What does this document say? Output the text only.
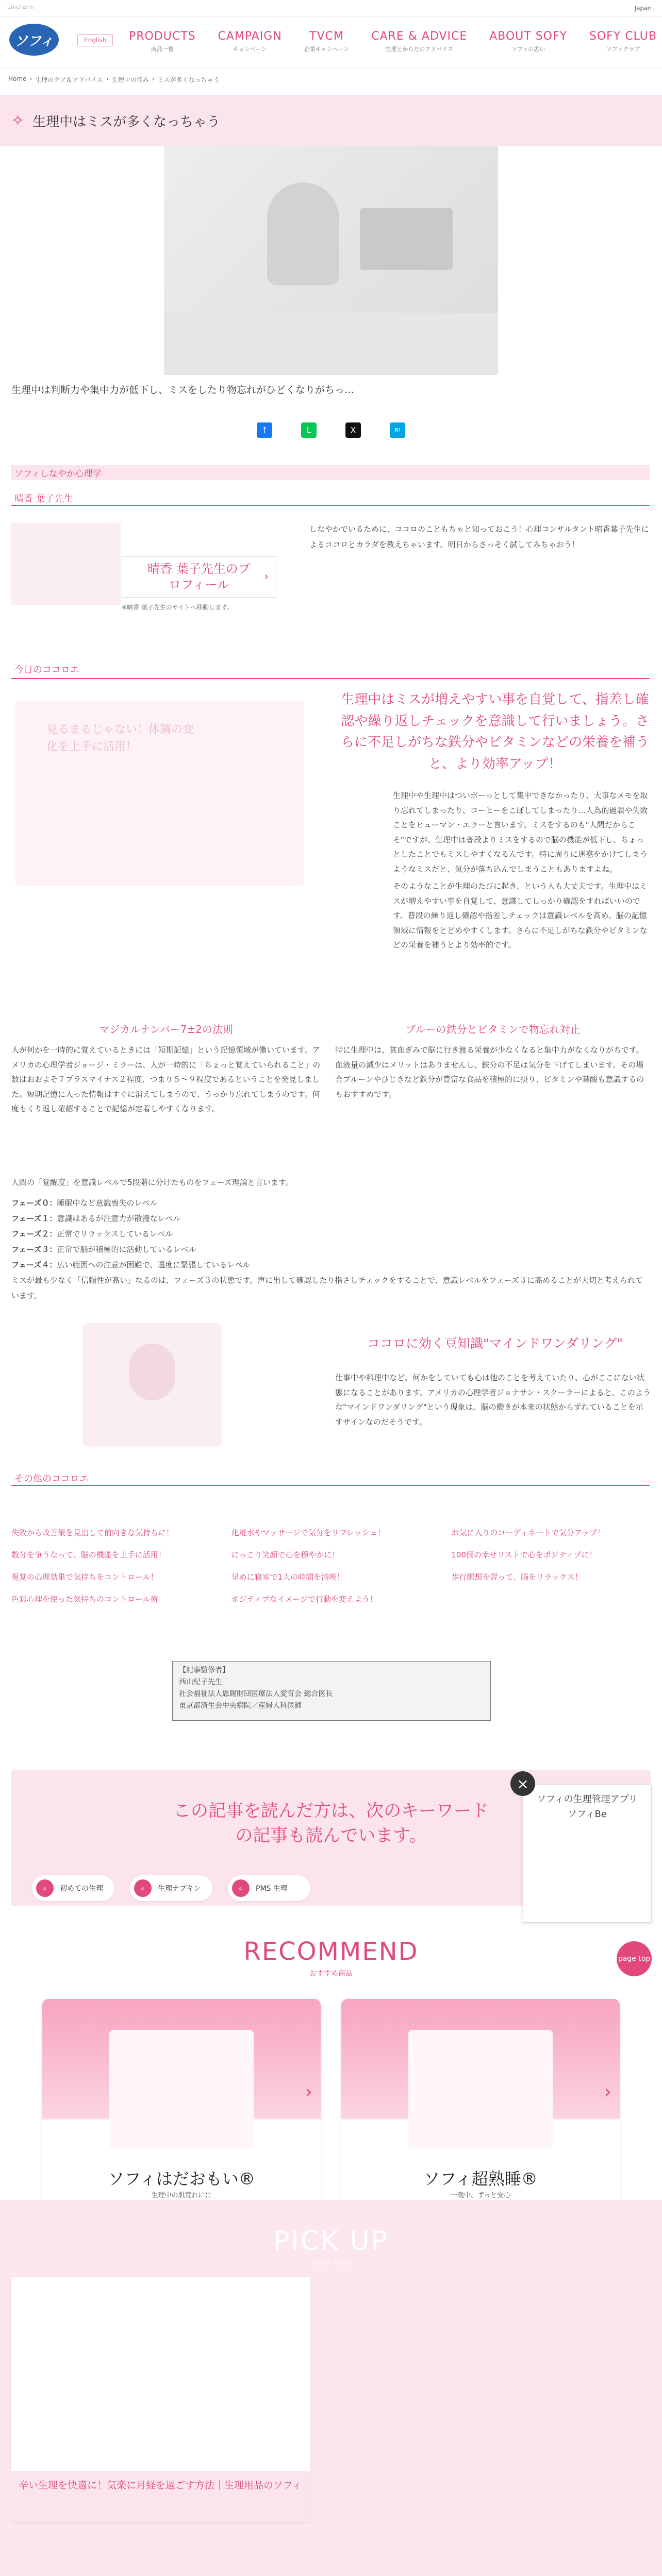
unicharm	Japan
ソフィ	English	PRODUCTS
商品一覧
CAMPAIGN
キャンペーン
TVCM
企業キャンペーン
CARE & ADVICE
生理とからだのアドバイス
ABOUT SOFY
ソフィの思い
SOFY CLUB
ソフィクラブ
Home › 生理のケア＆アドバイス › 生理中の悩み › ミスが多くなっちゃう
✧ 生理中はミスが多くなっちゃう

生理中は判断力や集中力が低下し、ミスをしたり物忘れがひどくなりがちっ…

f	L	X	B!
ソフィしなやか心理学
晴香 葉子先生
晴香 葉子先生のプロフィール
›

※晴香 葉子先生のサイトへ移動します。

しなやかでいるために、ココロのこともちゃと知っておこう！心理コンサルタント晴香葉子先生によるココロとカラダを教えちゃいます。明日からさっそく試してみちゃおう！

今日のココロエ
見るまるじゃない！体調の変化を上手に活用！

生理中はミスが増えやすい事を自覚して、指差し確認や繰り返しチェックを意識して行いましょう。さらに不足しがちな鉄分やビタミンなどの栄養を補うと、より効率アップ！

生理中や生理中はついボーっとして集中できなかったり、大事なメモを取り忘れてしまったり、コーヒーをこぼしてしまったり…人為的過誤や失敗ことをヒューマン・エラーと言います。ミスをするのも"人間だからこそ"ですが、生理中は普段よりミスをするので脳の機能が低下し、ちょっとしたことでもミスしやすくなるんです。特に周りに迷惑をかけてしまうようなミスだと、気分が落ち込んでしまうこともありますよね。

そのようなことが生理のたびに起き、という人も大丈夫です。生理中はミスが増えやすい事を自覚して、意識してしっかり確認をすればいいのです。普段の繰り返し確認や指差しチェックは意識レベルを高め、脳の記憶領域に情報をとどめやすくします。さらに不足しがちな鉄分やビタミンなどの栄養を補うとより効率的です。

マジカルナンバー7±2の法則

人が何かを一時的に覚えているときには「短期記憶」という記憶領域が働いています。アメリカの心理学者ジョージ・ミラーは、人が一時的に「ちょっと覚えていられること」の数はおおよそ７プラスマイナス２程度、つまり５〜９程度であるということを発見しました。短期記憶に入った情報はすぐに消えてしまうので、うっかり忘れてしまうのです。何度もくり返し確認することで記憶が定着しやすくなります。

ブルーの鉄分とビタミンで物忘れ対止

特に生理中は、貧血ぎみで脳に行き渡る栄養が少なくなると集中力がなくなりがちです。血液量の減少はメリットはありませんし、鉄分の不足は気分を下げてしまいます。その場合ブルーンやひじきなど鉄分が豊富な食品を積極的に摂り、ビタミンや葉酸も意識するのもおすすめです。

人間の「覚醒度」を意識レベルで5段階に分けたものをフェーズ理論と言います。

フェーズ０：睡眠中など意識喪失のレベル

フェーズ１：意識はあるが注意力が散漫なレベル

フェーズ２：正常でリラックスしているレベル

フェーズ３：正常で脳が積極的に活動しているレベル

フェーズ４：広い範囲への注意が困難で、過度に緊張しているレベル

ミスが最も少なく「信頼性が高い」なるのは、フェーズ３の状態です。声に出して確認したり指さしチェックをすることで、意識レベルをフェーズ３に高めることが大切と考えられています。

ココロに効く豆知識"マインドワンダリング"

仕事中や料理中など、何かをしていても心は他のことを考えていたり、心がここにない状態になることがあります。アメリカの心理学者ジョナサン・スクーラーによると、このような"マインドワンダリング"という現象は、脳の働きが本来の状態からずれていることを示すサインなのだそうです。

その他のココロエ
失敗から改善策を見出して前向きな気持ちに！	化粧水やマッサージで気分をリフレッシュ！	お気に入りのコーディネートで気分アップ！
数分を争うなって、脳の機能を上手に活用！	にっこり笑顔で心を穏やかに！	100個の幸せリストで心をポジティブに！
視覚の心理効果で気持ちをコントロール！	早めに寝室で1人の時間を満喫！	歩行瞑想を習って、脳をリラックス！
色彩心理を使った気持ちのコントロール術	ポジティブなイメージで行動を変えよう！

【記事監修者】

西山紀子先生

社会福祉法人恩賜財団医療法人愛育会 総合医長

東京都済生会中央病院／産婦人科医師

この記事を読んだ方は、次のキーワードの記事も読んでいます。

⌕	初めての生理	⌕	生理ナプキン	⌕	PMS 生理

ソフィの生理管理アプリ ソフィBe

×
page top
RECOMMEND
おすすめ商品
›

ソフィはだおもい®

生理中の肌荒れにに

›

ソフィ超熟睡®

一晩中、ずっと安心

PICK UP
ピックアップ

辛い生理を快適に！気楽に月経を過ごす方法｜生理用品のソフィ
